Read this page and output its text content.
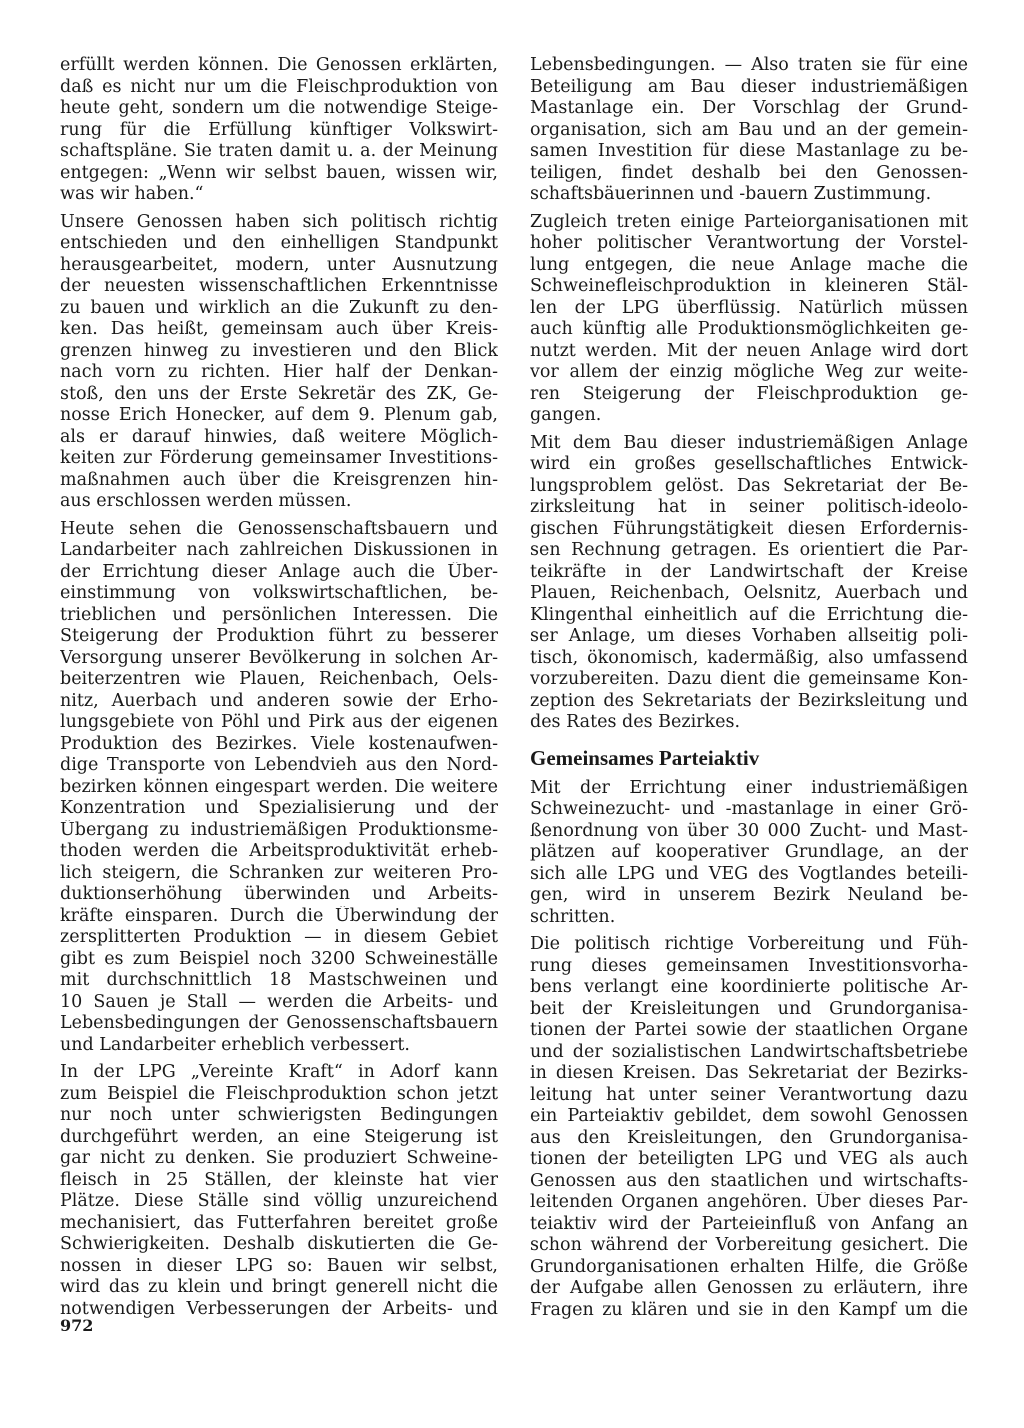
erfüllt werden können. Die Genossen erklärten,
daß es nicht nur um die Fleischproduktion von
heute geht, sondern um die notwendige Steige-
rung für die Erfüllung künftiger Volkswirt-
schaftspläne. Sie traten damit u. a. der Meinung
entgegen: „Wenn wir selbst bauen, wissen wir,
was wir haben.“
Unsere Genossen haben sich politisch richtig
entschieden und den einhelligen Standpunkt
herausgearbeitet, modern, unter Ausnutzung
der neuesten wissenschaftlichen Erkenntnisse
zu bauen und wirklich an die Zukunft zu den-
ken. Das heißt, gemeinsam auch über Kreis-
grenzen hinweg zu investieren und den Blick
nach vorn zu richten. Hier half der Denkan-
stoß, den uns der Erste Sekretär des ZK, Ge-
nosse Erich Honecker, auf dem 9. Plenum gab,
als er darauf hinwies, daß weitere Möglich-
keiten zur Förderung gemeinsamer Investitions-
maßnahmen auch über die Kreisgrenzen hin-
aus erschlossen werden müssen.
Heute sehen die Genossenschaftsbauern und
Landarbeiter nach zahlreichen Diskussionen in
der Errichtung dieser Anlage auch die Über-
einstimmung von volkswirtschaftlichen, be-
trieblichen und persönlichen Interessen. Die
Steigerung der Produktion führt zu besserer
Versorgung unserer Bevölkerung in solchen Ar-
beiterzentren wie Plauen, Reichenbach, Oels-
nitz, Auerbach und anderen sowie der Erho-
lungsgebiete von Pöhl und Pirk aus der eigenen
Produktion des Bezirkes. Viele kostenaufwen-
dige Transporte von Lebendvieh aus den Nord-
bezirken können eingespart werden. Die weitere
Konzentration und Spezialisierung und der
Übergang zu industriemäßigen Produktionsme-
thoden werden die Arbeitsproduktivität erheb-
lich steigern, die Schranken zur weiteren Pro-
duktionserhöhung überwinden und Arbeits-
kräfte einsparen. Durch die Überwindung der
zersplitterten Produktion — in diesem Gebiet
gibt es zum Beispiel noch 3200 Schweineställe
mit durchschnittlich 18 Mastschweinen und
10 Sauen je Stall — werden die Arbeits- und
Lebensbedingungen der Genossenschaftsbauern
und Landarbeiter erheblich verbessert.
In der LPG „Vereinte Kraft“ in Adorf kann
zum Beispiel die Fleischproduktion schon jetzt
nur noch unter schwierigsten Bedingungen
durchgeführt werden, an eine Steigerung ist
gar nicht zu denken. Sie produziert Schweine-
fleisch in 25 Ställen, der kleinste hat vier
Plätze. Diese Ställe sind völlig unzureichend
mechanisiert, das Futterfahren bereitet große
Schwierigkeiten. Deshalb diskutierten die Ge-
nossen in dieser LPG so: Bauen wir selbst,
wird das zu klein und bringt generell nicht die
notwendigen Verbesserungen der Arbeits- und
Lebensbedingungen. — Also traten sie für eine
Beteiligung am Bau dieser industriemäßigen
Mastanlage ein. Der Vorschlag der Grund-
organisation, sich am Bau und an der gemein-
samen Investition für diese Mastanlage zu be-
teiligen, findet deshalb bei den Genossen-
schaftsbäuerinnen und -bauern Zustimmung.
Zugleich treten einige Parteiorganisationen mit
hoher politischer Verantwortung der Vorstel-
lung entgegen, die neue Anlage mache die
Schweinefleischproduktion in kleineren Stäl-
len der LPG überflüssig. Natürlich müssen
auch künftig alle Produktionsmöglichkeiten ge-
nutzt werden. Mit der neuen Anlage wird dort
vor allem der einzig mögliche Weg zur weite-
ren Steigerung der Fleischproduktion ge-
gangen.
Mit dem Bau dieser industriemäßigen Anlage
wird ein großes gesellschaftliches Entwick-
lungsproblem gelöst. Das Sekretariat der Be-
zirksleitung hat in seiner politisch-ideolo-
gischen Führungstätigkeit diesen Erfordernis-
sen Rechnung getragen. Es orientiert die Par-
teikräfte in der Landwirtschaft der Kreise
Plauen, Reichenbach, Oelsnitz, Auerbach und
Klingenthal einheitlich auf die Errichtung die-
ser Anlage, um dieses Vorhaben allseitig poli-
tisch, ökonomisch, kadermäßig, also umfassend
vorzubereiten. Dazu dient die gemeinsame Kon-
zeption des Sekretariats der Bezirksleitung und
des Rates des Bezirkes.
Gemeinsames Parteiaktiv
Mit der Errichtung einer industriemäßigen
Schweinezucht- und -mastanlage in einer Grö-
ßenordnung von über 30 000 Zucht- und Mast-
plätzen auf kooperativer Grundlage, an der
sich alle LPG und VEG des Vogtlandes beteili-
gen, wird in unserem Bezirk Neuland be-
schritten.
Die politisch richtige Vorbereitung und Füh-
rung dieses gemeinsamen Investitionsvorha-
bens verlangt eine koordinierte politische Ar-
beit der Kreisleitungen und Grundorganisa-
tionen der Partei sowie der staatlichen Organe
und der sozialistischen Landwirtschaftsbetriebe
in diesen Kreisen. Das Sekretariat der Bezirks-
leitung hat unter seiner Verantwortung dazu
ein Parteiaktiv gebildet, dem sowohl Genossen
aus den Kreisleitungen, den Grundorganisa-
tionen der beteiligten LPG und VEG als auch
Genossen aus den staatlichen und wirtschafts-
leitenden Organen angehören. Über dieses Par-
teiaktiv wird der Parteieinfluß von Anfang an
schon während der Vorbereitung gesichert. Die
Grundorganisationen erhalten Hilfe, die Größe
der Aufgabe allen Genossen zu erläutern, ihre
Fragen zu klären und sie in den Kampf um die
972
